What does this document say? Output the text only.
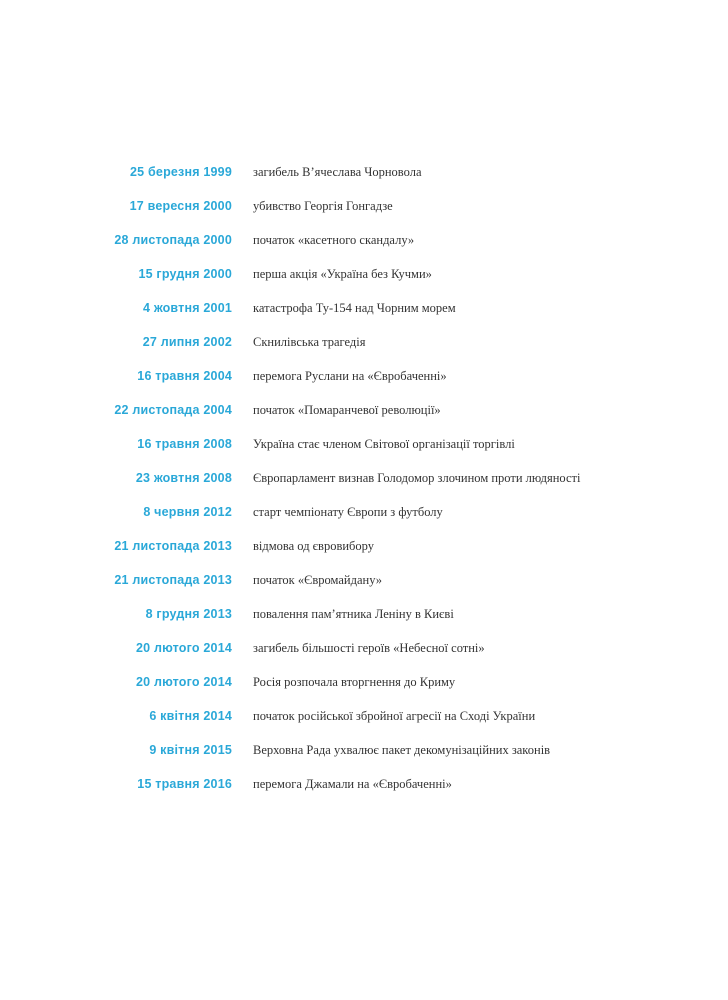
25 березня 1999 загибель В’ячеслава Чорновола
17 вересня 2000 убивство Георгія Гонгадзе
28 листопада 2000 початок «касетного скандалу»
15 грудня 2000 перша акція «Україна без Кучми»
4 жовтня 2001 катастрофа Ту-154 над Чорним морем
27 липня 2002 Скнилівська трагедія
16 травня 2004 перемога Руслани на «Євробаченні»
22 листопада 2004 початок «Помаранчевої революції»
16 травня 2008 Україна стає членом Світової організації торгівлі
23 жовтня 2008 Європарламент визнав Голодомор злочином проти людяності
8 червня 2012 старт чемпіонату Європи з футболу
21 листопада 2013 відмова од євровибору
21 листопада 2013 початок «Євромайдану»
8 грудня 2013 повалення пам’ятника Леніну в Києві
20 лютого 2014 загибель більшості героїв «Небесної сотні»
20 лютого 2014 Росія розпочала вторгнення до Криму
6 квітня 2014 початок російської збройної агресії на Сході України
9 квітня 2015 Верховна Рада ухвалює пакет декомунізаційних законів
15 травня 2016 перемога Джамали на «Євробаченні»
